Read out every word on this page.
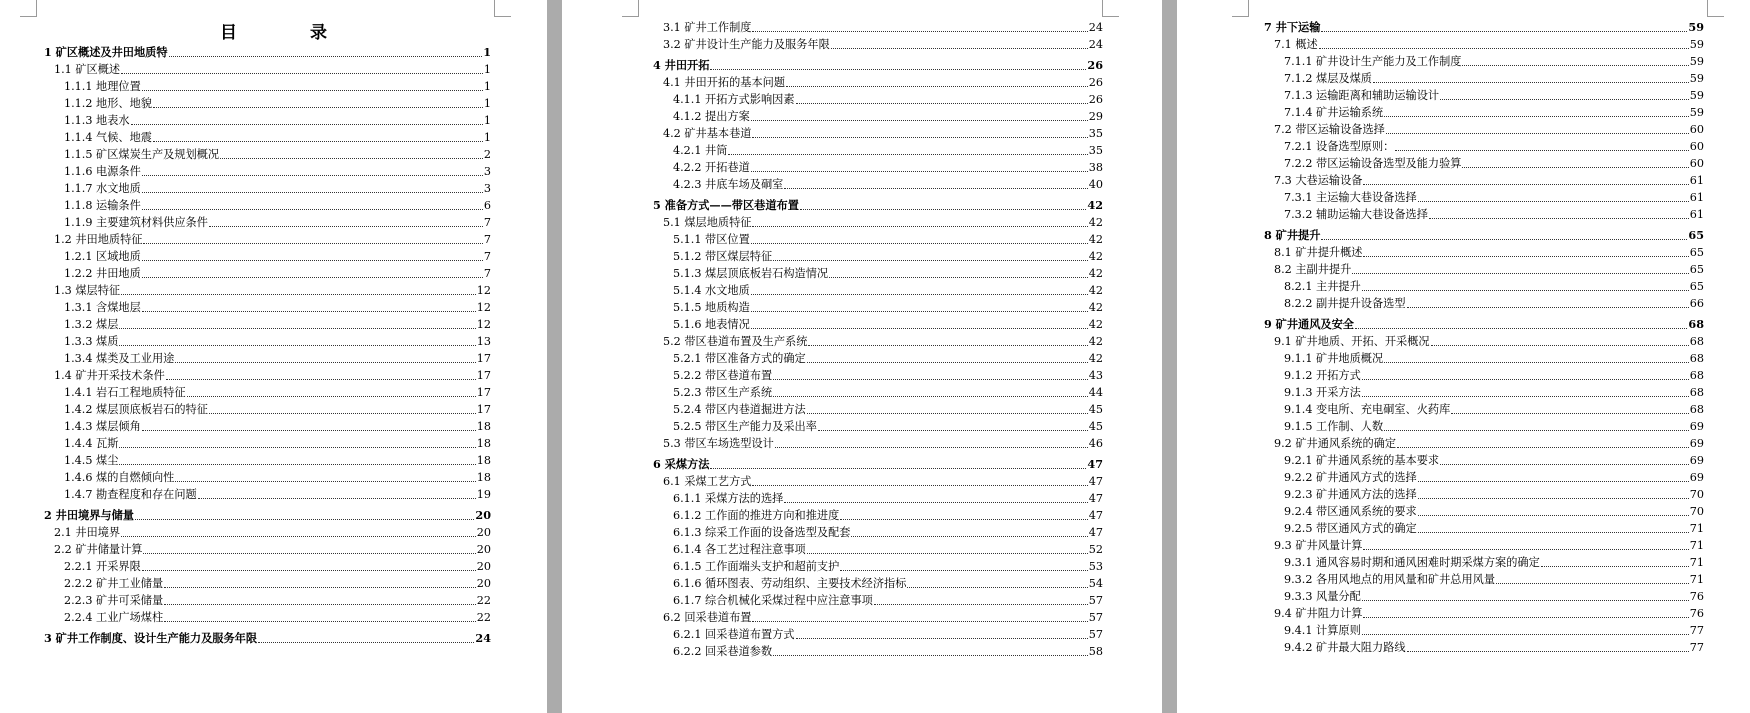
目　录
1 矿区概述及井田地质特	1
1.1 矿区概述	1
1.1.1 地理位置	1
1.1.2 地形、地貌	1
1.1.3 地表水	1
1.1.4 气候、地震	1
1.1.5 矿区煤炭生产及规划概况	2
1.1.6 电源条件	3
1.1.7 水文地质	3
1.1.8 运输条件	6
1.1.9 主要建筑材料供应条件	7
1.2 井田地质特征	7
1.2.1 区域地质	7
1.2.2 井田地质	7
1.3 煤层特征	12
1.3.1 含煤地层	12
1.3.2 煤层	12
1.3.3 煤质	13
1.3.4 煤类及工业用途	17
1.4 矿井开采技术条件	17
1.4.1 岩石工程地质特征	17
1.4.2 煤层顶底板岩石的特征	17
1.4.3 煤层倾角	18
1.4.4 瓦斯	18
1.4.5 煤尘	18
1.4.6 煤的自燃倾向性	18
1.4.7 勘查程度和存在问题	19
2 井田境界与储量	20
2.1 井田境界	20
2.2 矿井储量计算	20
2.2.1 开采界限	20
2.2.2 矿井工业储量	20
2.2.3 矿井可采储量	22
2.2.4 工业广场煤柱	22
3 矿井工作制度、设计生产能力及服务年限	24
3.1 矿井工作制度	24
3.2 矿井设计生产能力及服务年限	24
4 井田开拓	26
4.1 井田开拓的基本问题	26
4.1.1 开拓方式影响因素	26
4.1.2 提出方案	29
4.2 矿井基本巷道	35
4.2.1 井筒	35
4.2.2 开拓巷道	38
4.2.3 井底车场及硐室	40
5 准备方式——带区巷道布置	42
5.1 煤层地质特征	42
5.1.1 带区位置	42
5.1.2 带区煤层特征	42
5.1.3 煤层顶底板岩石构造情况	42
5.1.4 水文地质	42
5.1.5 地质构造	42
5.1.6 地表情况	42
5.2 带区巷道布置及生产系统	42
5.2.1 带区准备方式的确定	42
5.2.2 带区巷道布置	43
5.2.3 带区生产系统	44
5.2.4 带区内巷道掘进方法	45
5.2.5 带区生产能力及采出率	45
5.3 带区车场选型设计	46
6 采煤方法	47
6.1 采煤工艺方式	47
6.1.1 采煤方法的选择	47
6.1.2 工作面的推进方向和推进度	47
6.1.3 综采工作面的设备选型及配套	47
6.1.4 各工艺过程注意事项	52
6.1.5 工作面端头支护和超前支护	53
6.1.6 循环图表、劳动组织、主要技术经济指标	54
6.1.7 综合机械化采煤过程中应注意事项	57
6.2 回采巷道布置	57
6.2.1 回采巷道布置方式	57
6.2.2 回采巷道参数	58
7 井下运输	59
7.1 概述	59
7.1.1 矿井设计生产能力及工作制度	59
7.1.2 煤层及煤质	59
7.1.3 运输距离和辅助运输设计	59
7.1.4 矿井运输系统	59
7.2 带区运输设备选择	60
7.2.1 设备选型原则：	60
7.2.2 带区运输设备选型及能力验算	60
7.3 大巷运输设备	61
7.3.1 主运输大巷设备选择	61
7.3.2 辅助运输大巷设备选择	61
8 矿井提升	65
8.1 矿井提升概述	65
8.2 主副井提升	65
8.2.1 主井提升	65
8.2.2 副井提升设备选型	66
9 矿井通风及安全	68
9.1 矿井地质、开拓、开采概况	68
9.1.1 矿井地质概况	68
9.1.2 开拓方式	68
9.1.3 开采方法	68
9.1.4 变电所、充电硐室、火药库	68
9.1.5 工作制、人数	69
9.2 矿井通风系统的确定	69
9.2.1 矿井通风系统的基本要求	69
9.2.2 矿井通风方式的选择	69
9.2.3 矿井通风方法的选择	70
9.2.4 带区通风系统的要求	70
9.2.5 带区通风方式的确定	71
9.3 矿井风量计算	71
9.3.1 通风容易时期和通风困难时期采煤方案的确定	71
9.3.2 各用风地点的用风量和矿井总用风量	71
9.3.3 风量分配	76
9.4 矿井阻力计算	76
9.4.1 计算原则	77
9.4.2 矿井最大阻力路线	77
